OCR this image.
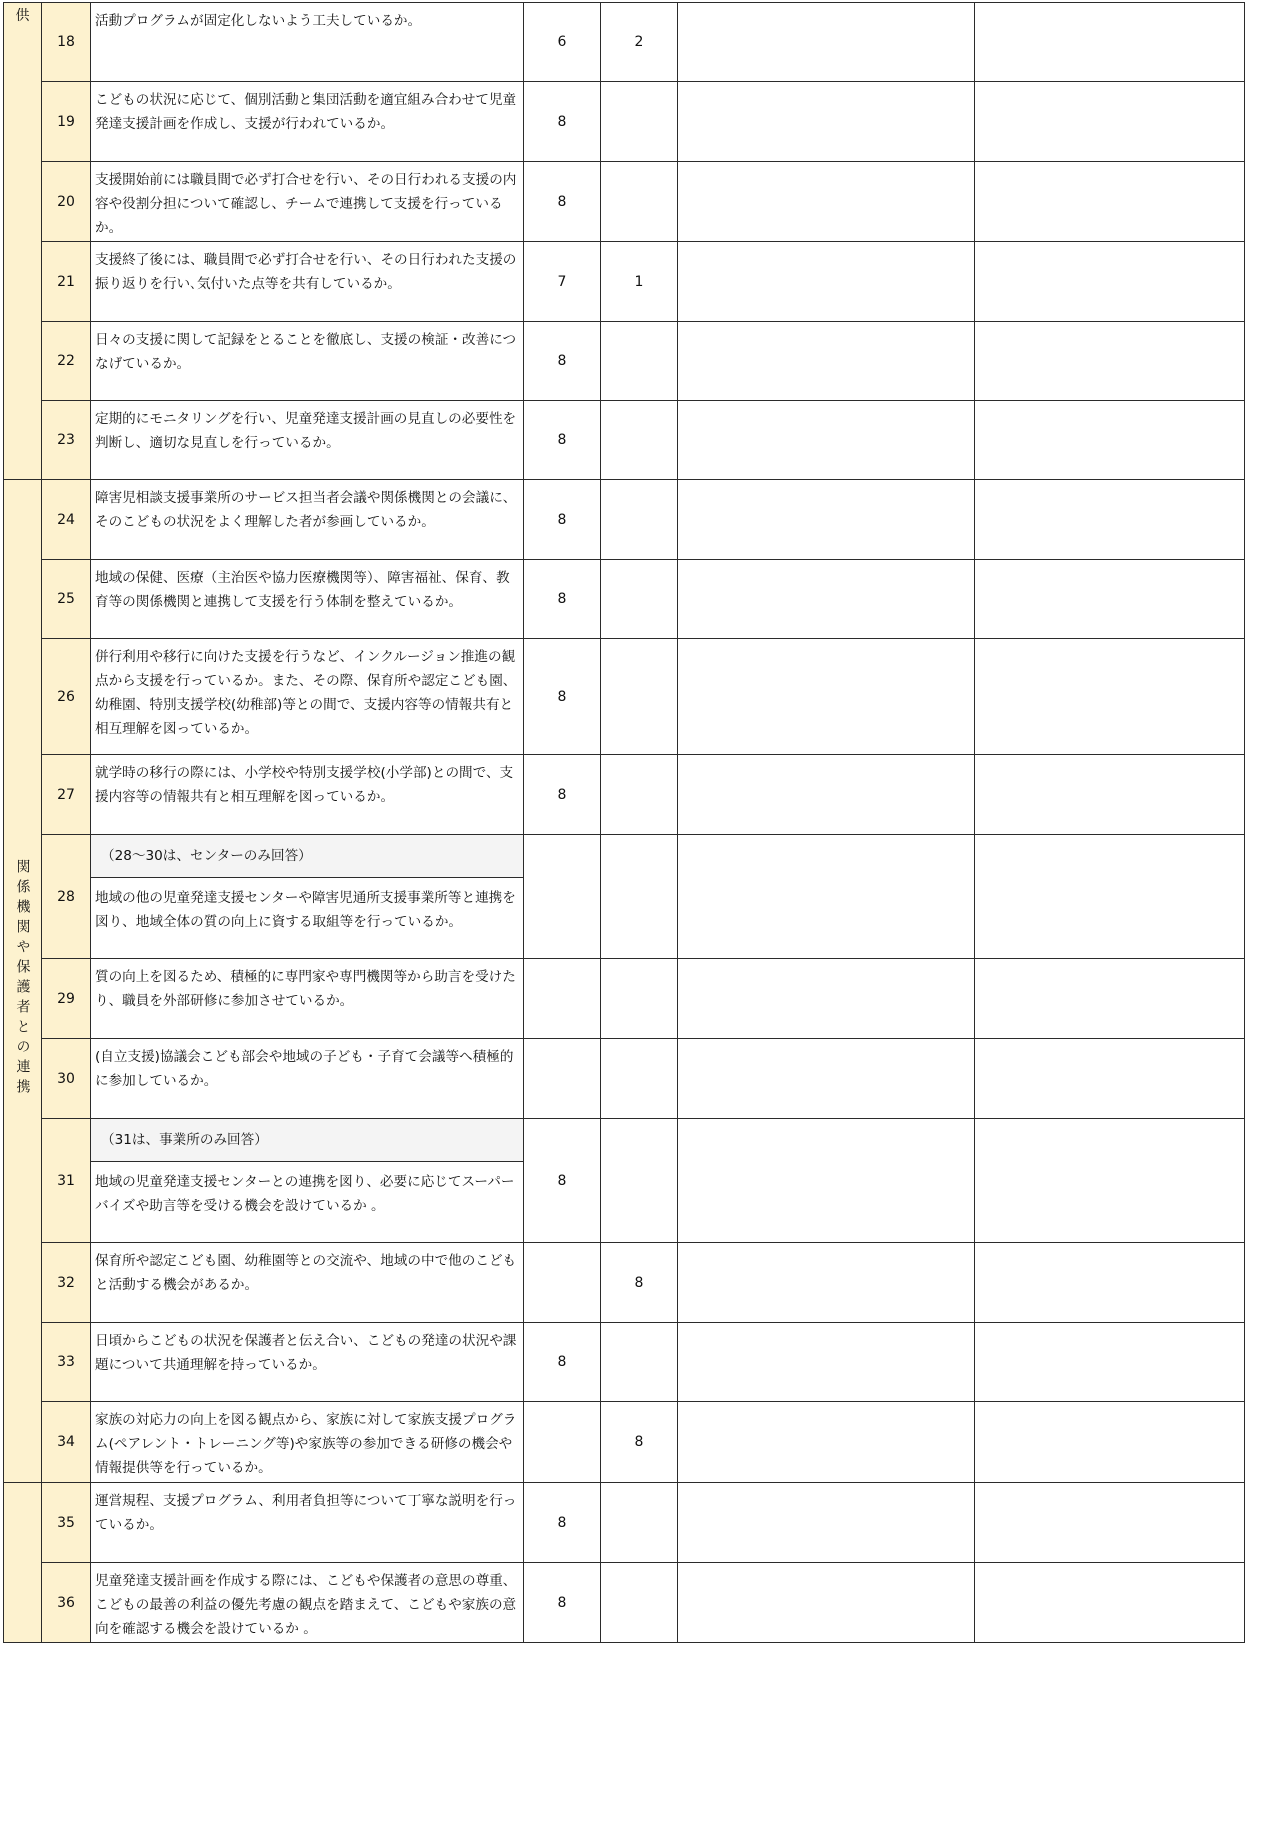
供	18	活動プログラムが固定化しないよう工夫しているか。	6	2		
	19	こどもの状況に応じて、個別活動と集団活動を適宜組み合わせて児童発達支援計画を作成し、支援が行われているか。	8			
	20	支援開始前には職員間で必ず打合せを行い、その日行われる支援の内容や役割分担について確認し、チームで連携して支援を行っているか。	8			
	21	支援終了後には、職員間で必ず打合せを行い、その日行われた支援の振り返りを行い､気付いた点等を共有しているか。	7	1		
	22	日々の支援に関して記録をとることを徹底し、支援の検証・改善につなげているか。	8			
	23	定期的にモニタリングを行い、児童発達支援計画の見直しの必要性を判断し、適切な見直しを行っているか。	8			
関係機関や保護者との連携	24	障害児相談支援事業所のサービス担当者会議や関係機関との会議に、そのこどもの状況をよく理解した者が参画しているか。	8			
	25	地域の保健、医療（主治医や協力医療機関等）、障害福祉、保育、教育等の関係機関と連携して支援を行う体制を整えているか。	8			
	26	併行利用や移行に向けた支援を行うなど、インクルージョン推進の観点から支援を行っているか。また、その際、保育所や認定こども園、幼稚園、特別支援学校(幼稚部)等との間で、支援内容等の情報共有と相互理解を図っているか。	8			
	27	就学時の移行の際には、小学校や特別支援学校(小学部)との間で、支援内容等の情報共有と相互理解を図っているか。	8			
	28	（28～30は、センターのみ回答）
地域の他の児童発達支援センターや障害児通所支援事業所等と連携を図り、地域全体の質の向上に資する取組等を行っているか。				

	29	質の向上を図るため、積極的に専門家や専門機関等から助言を受けたり、職員を外部研修に参加させているか。				

	30	(自立支援)協議会こども部会や地域の子ども・子育て会議等へ積極的に参加しているか。				

	31	（31は、事業所のみ回答）
地域の児童発達支援センターとの連携を図り、必要に応じてスーパーバイズや助言等を受ける機会を設けているか 。	8			
	32	保育所や認定こども園、幼稚園等との交流や、地域の中で他のこどもと活動する機会があるか。		8		
	33	日頃からこどもの状況を保護者と伝え合い、こどもの発達の状況や課題について共通理解を持っているか。	8			
	34	家族の対応力の向上を図る観点から、家族に対して家族支援プログラム(ペアレント・トレーニング等)や家族等の参加できる研修の機会や情報提供等を行っているか。		8		
	35	運営規程、支援プログラム、利用者負担等について丁寧な説明を行っているか。	8			
	36	児童発達支援計画を作成する際には、こどもや保護者の意思の尊重、こどもの最善の利益の優先考慮の観点を踏まえて、こどもや家族の意向を確認する機会を設けているか 。	8			
